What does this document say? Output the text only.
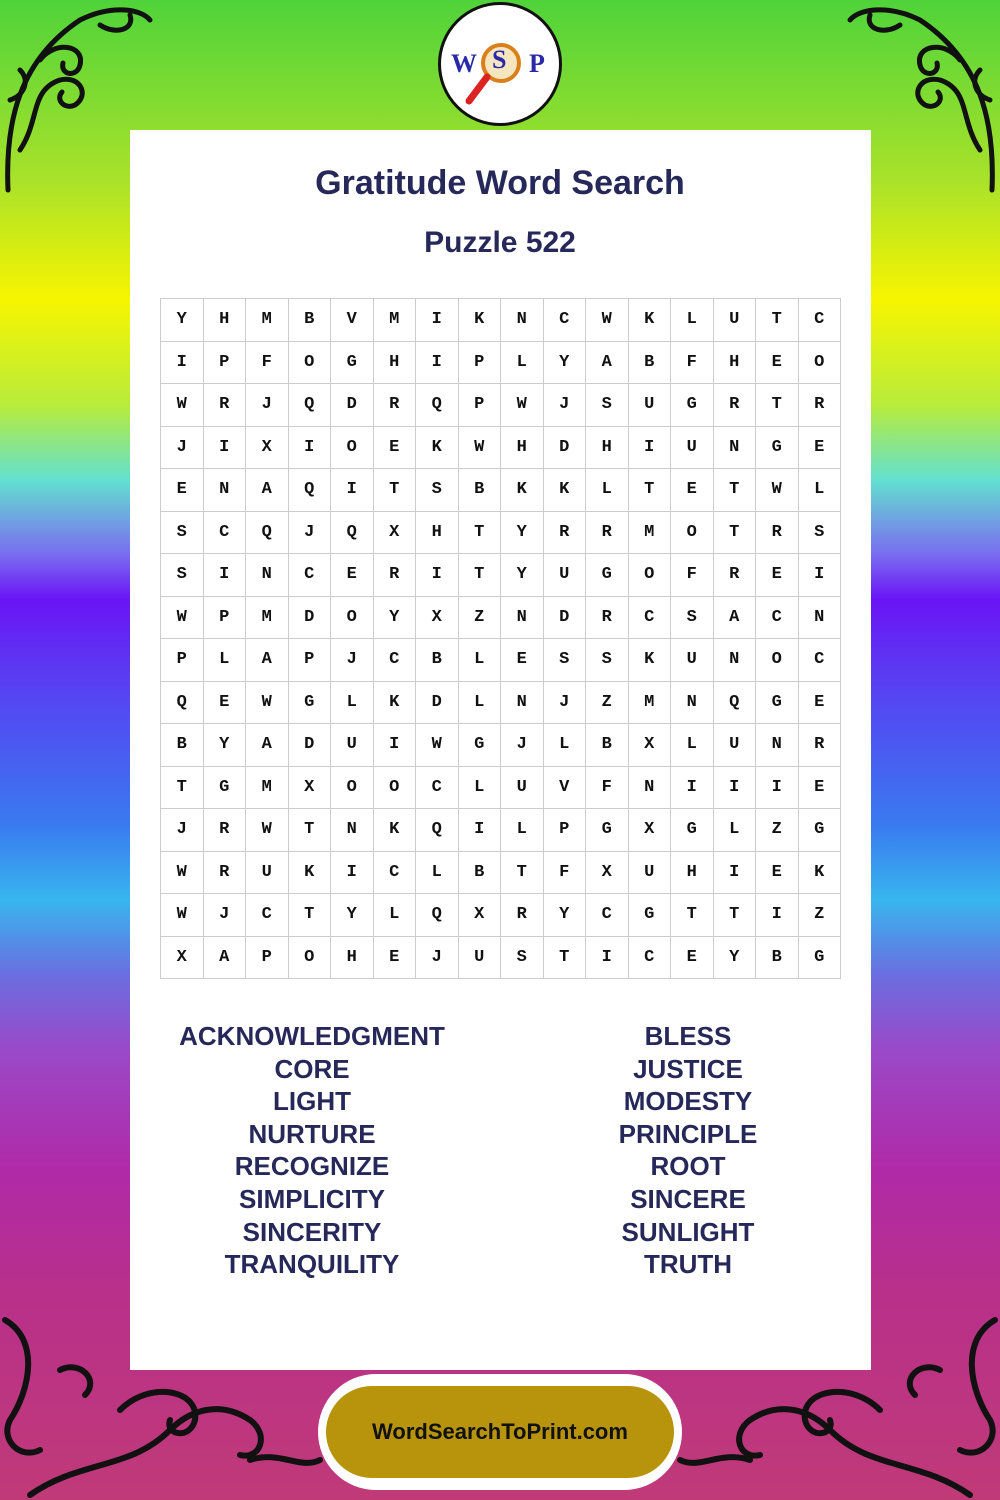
W S P
Gratitude Word Search
Puzzle 522
Y	H	M	B	V	M	I	K	N	C	W	K	L	U	T	C
I	P	F	O	G	H	I	P	L	Y	A	B	F	H	E	O
W	R	J	Q	D	R	Q	P	W	J	S	U	G	R	T	R
J	I	X	I	O	E	K	W	H	D	H	I	U	N	G	E
E	N	A	Q	I	T	S	B	K	K	L	T	E	T	W	L
S	C	Q	J	Q	X	H	T	Y	R	R	M	O	T	R	S
S	I	N	C	E	R	I	T	Y	U	G	O	F	R	E	I
W	P	M	D	O	Y	X	Z	N	D	R	C	S	A	C	N
P	L	A	P	J	C	B	L	E	S	S	K	U	N	O	C
Q	E	W	G	L	K	D	L	N	J	Z	M	N	Q	G	E
B	Y	A	D	U	I	W	G	J	L	B	X	L	U	N	R
T	G	M	X	O	O	C	L	U	V	F	N	I	I	I	E
J	R	W	T	N	K	Q	I	L	P	G	X	G	L	Z	G
W	R	U	K	I	C	L	B	T	F	X	U	H	I	E	K
W	J	C	T	Y	L	Q	X	R	Y	C	G	T	T	I	Z
X	A	P	O	H	E	J	U	S	T	I	C	E	Y	B	G
ACKNOWLEDGMENT
CORE
LIGHT
NURTURE
RECOGNIZE
SIMPLICITY
SINCERITY
TRANQUILITY
BLESS
JUSTICE
MODESTY
PRINCIPLE
ROOT
SINCERE
SUNLIGHT
TRUTH
WordSearchToPrint.com
